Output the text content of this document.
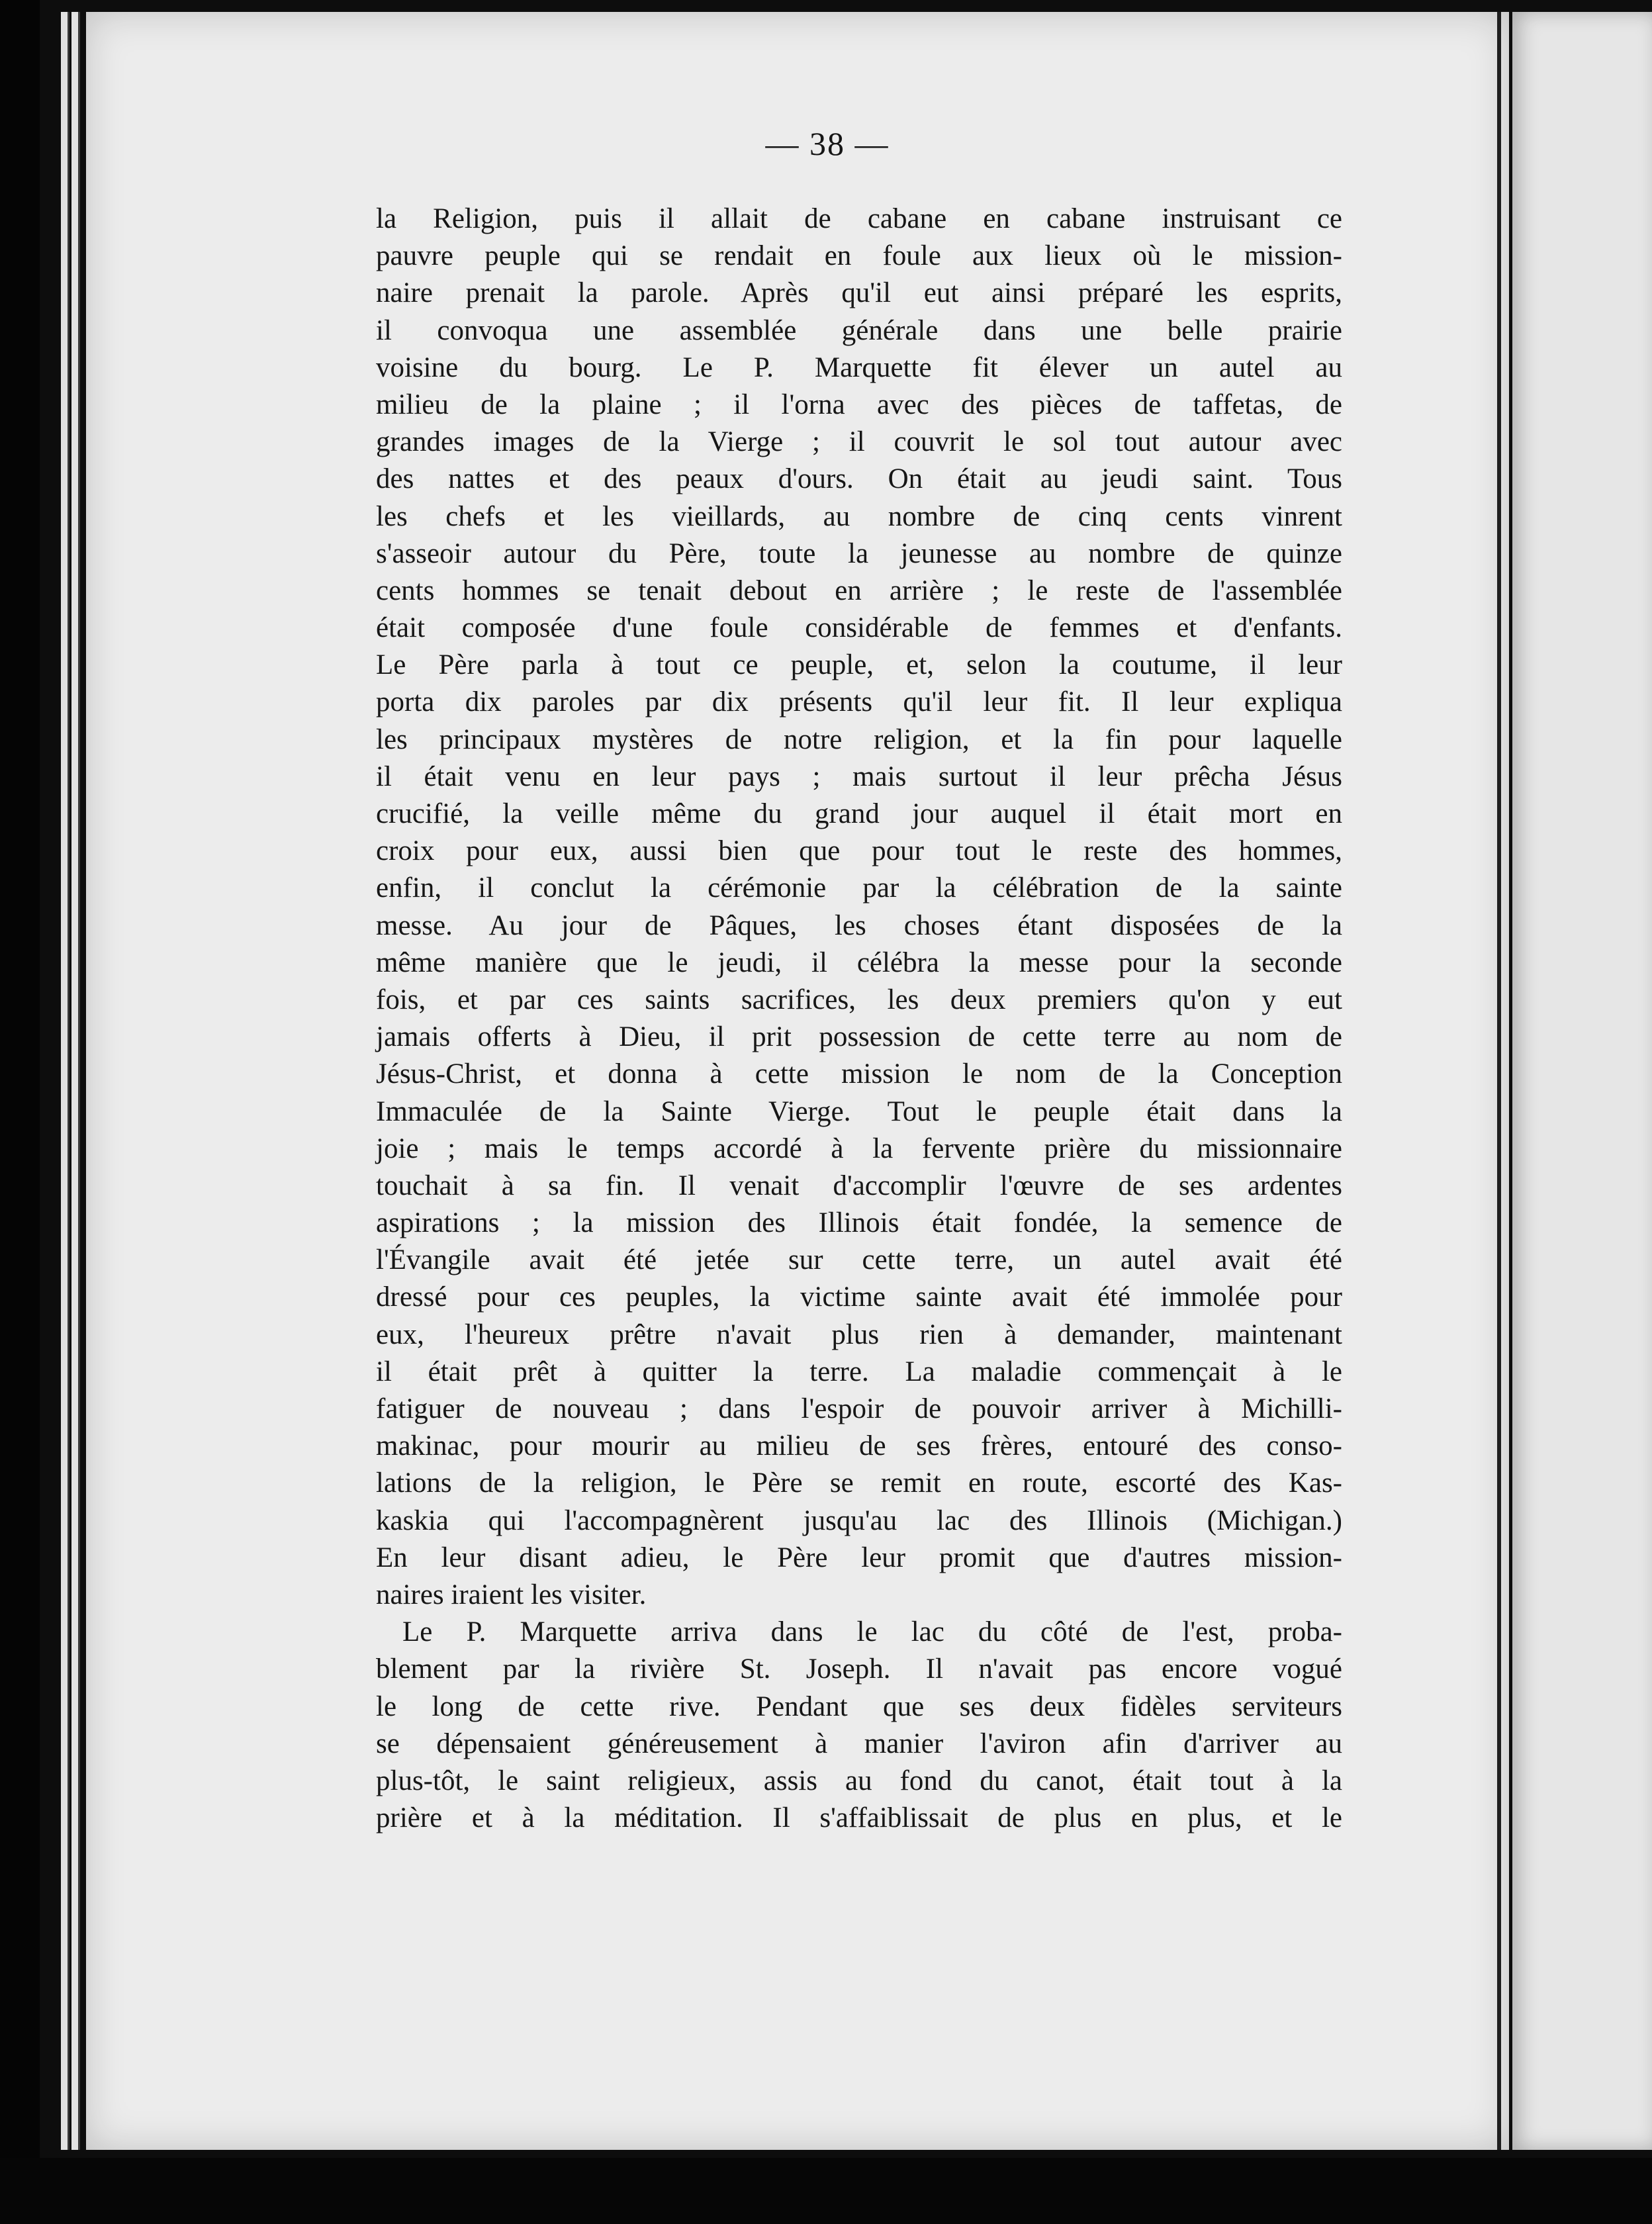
— 38 —
la Religion, puis il allait de cabane en cabane instruisant ce
pauvre peuple qui se rendait en foule aux lieux où le mission-
naire prenait la parole. Après qu'il eut ainsi préparé les esprits,
il convoqua une assemblée générale dans une belle prairie
voisine du bourg. Le P. Marquette fit élever un autel au
milieu de la plaine ; il l'orna avec des pièces de taffetas, de
grandes images de la Vierge ; il couvrit le sol tout autour avec
des nattes et des peaux d'ours. On était au jeudi saint. Tous
les chefs et les vieillards, au nombre de cinq cents vinrent
s'asseoir autour du Père, toute la jeunesse au nombre de quinze
cents hommes se tenait debout en arrière ; le reste de l'assemblée
était composée d'une foule considérable de femmes et d'enfants.
Le Père parla à tout ce peuple, et, selon la coutume, il leur
porta dix paroles par dix présents qu'il leur fit. Il leur expliqua
les principaux mystères de notre religion, et la fin pour laquelle
il était venu en leur pays ; mais surtout il leur prêcha Jésus
crucifié, la veille même du grand jour auquel il était mort en
croix pour eux, aussi bien que pour tout le reste des hommes,
enfin, il conclut la cérémonie par la célébration de la sainte
messe. Au jour de Pâques, les choses étant disposées de la
même manière que le jeudi, il célébra la messe pour la seconde
fois, et par ces saints sacrifices, les deux premiers qu'on y eut
jamais offerts à Dieu, il prit possession de cette terre au nom de
Jésus-Christ, et donna à cette mission le nom de la Conception
Immaculée de la Sainte Vierge. Tout le peuple était dans la
joie ; mais le temps accordé à la fervente prière du missionnaire
touchait à sa fin. Il venait d'accomplir l'œuvre de ses ardentes
aspirations ; la mission des Illinois était fondée, la semence de
l'Évangile avait été jetée sur cette terre, un autel avait été
dressé pour ces peuples, la victime sainte avait été immolée pour
eux, l'heureux prêtre n'avait plus rien à demander, maintenant
il était prêt à quitter la terre. La maladie commençait à le
fatiguer de nouveau ; dans l'espoir de pouvoir arriver à Michilli-
makinac, pour mourir au milieu de ses frères, entouré des conso-
lations de la religion, le Père se remit en route, escorté des Kas-
kaskia qui l'accompagnèrent jusqu'au lac des Illinois (Michigan.)
En leur disant adieu, le Père leur promit que d'autres mission-
naires iraient les visiter.
Le P. Marquette arriva dans le lac du côté de l'est, proba-
blement par la rivière St. Joseph. Il n'avait pas encore vogué
le long de cette rive. Pendant que ses deux fidèles serviteurs
se dépensaient généreusement à manier l'aviron afin d'arriver au
plus-tôt, le saint religieux, assis au fond du canot, était tout à la
prière et à la méditation. Il s'affaiblissait de plus en plus, et le
